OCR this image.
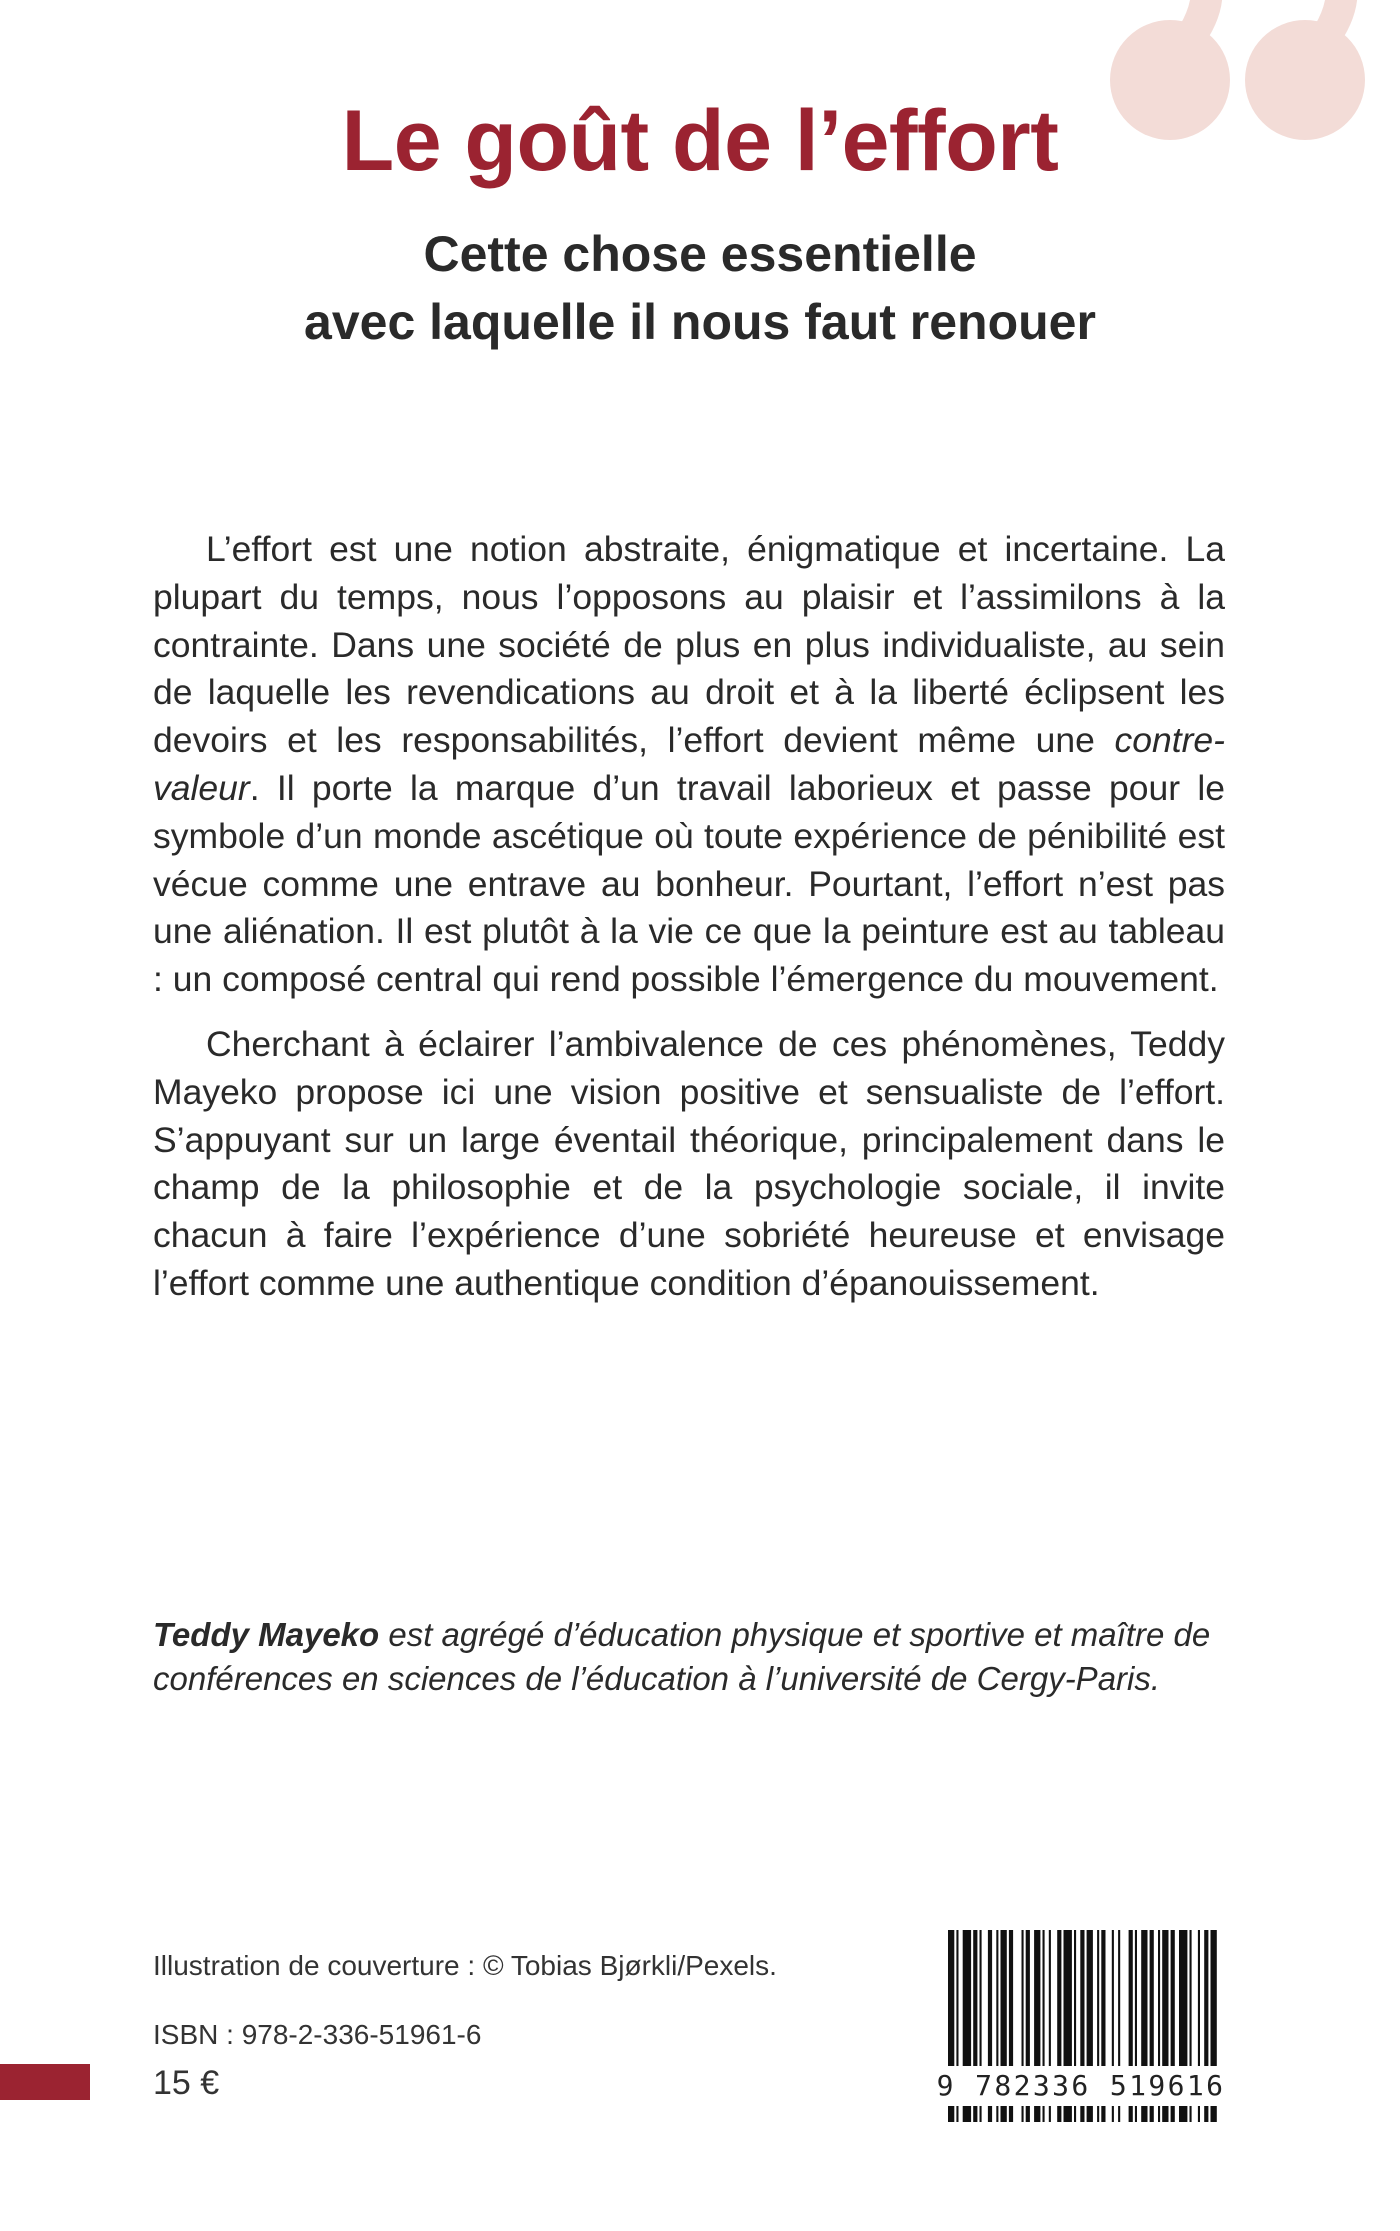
Le goût de l’effort
Cette chose essentielle
avec laquelle il nous faut renouer

L’effort est une notion abstraite, énigmatique et incertaine. La plupart du temps, nous l’opposons au plaisir et l’assimilons à la contrainte. Dans une société de plus en plus individualiste, au sein de laquelle les revendications au droit et à la liberté éclipsent les devoirs et les responsabilités, l’effort devient même une contre-valeur. Il porte la marque d’un travail laborieux et passe pour le symbole d’un monde ascétique où toute expérience de pénibilité est vécue comme une entrave au bonheur. Pourtant, l’effort n’est pas une aliénation. Il est plutôt à la vie ce que la peinture est au tableau : un composé central qui rend possible l’émergence du mouvement.

Cherchant à éclairer l’ambivalence de ces phénomènes, Teddy Mayeko propose ici une vision positive et sensualiste de l’effort. S’appuyant sur un large éventail théorique, principalement dans le champ de la philosophie et de la psychologie sociale, il invite chacun à faire l’expérience d’une sobriété heureuse et envisage l’effort comme une authentique condition d’épanouissement.

Teddy Mayeko est agrégé d’éducation physique et sportive et maître de conférences en sciences de l’éducation à l’université de Cergy-Paris.
Illustration de couverture : © Tobias Bjørkli/Pexels.
ISBN : 978-2-336-51961-6
15 €	9 782336 519616
